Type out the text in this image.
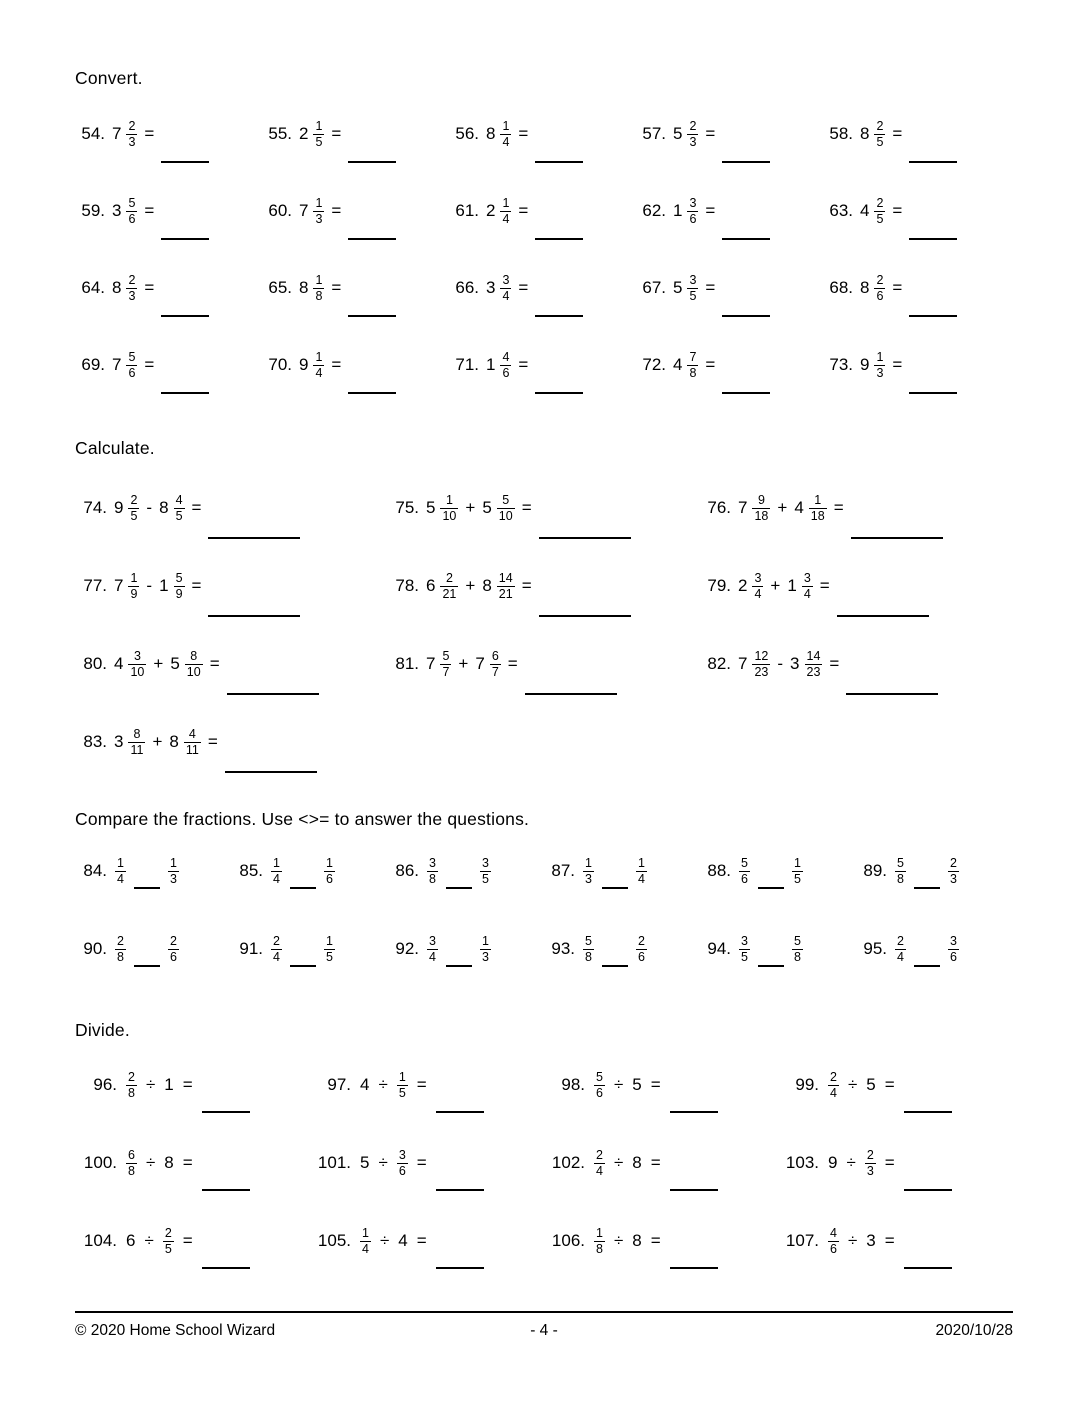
Convert.
54. $7 \frac{2}{3}$ =	55. $2 \frac{1}{5}$ =	56. $8 \frac{1}{4}$ =	57. $5 \frac{2}{3}$ =	58. $8 \frac{2}{5}$ =
59. $3 \frac{5}{6}$ =	60. $7 \frac{1}{3}$ =	61. $2 \frac{1}{4}$ =	62. $1 \frac{3}{6}$ =	63. $4 \frac{2}{5}$ =
64. $8 \frac{2}{3}$ =	65. $8 \frac{1}{8}$ =	66. $3 \frac{3}{4}$ =	67. $5 \frac{3}{5}$ =	68. $8 \frac{2}{6}$ =
69. $7 \frac{5}{6}$ =	70. $9 \frac{1}{4}$ =	71. $1 \frac{4}{6}$ =	72. $4 \frac{7}{8}$ =	73. $9 \frac{1}{3}$ =
Calculate.
74. $9 \frac{2}{5} - 8 \frac{4}{5}$ =	75. $5 \frac{1}{10} + 5 \frac{5}{10}$ =	76. $7 \frac{9}{18} + 4 \frac{1}{18}$ =
77. $7 \frac{1}{9} - 1 \frac{5}{9}$ =	78. $6 \frac{2}{21} + 8 \frac{14}{21}$ =	79. $2 \frac{3}{4} + 1 \frac{3}{4}$ =
80. $4 \frac{3}{10} + 5 \frac{8}{10}$ =	81. $7 \frac{5}{7} + 7 \frac{6}{7}$ =	82. $7 \frac{12}{23} - 3 \frac{14}{23}$ =
83. $3 \frac{8}{11} + 8 \frac{4}{11}$ =
Compare the fractions. Use <>= to answer the questions.
84. $\frac{1}{4}$	$\frac{1}{3}$	85. $\frac{1}{4}$	$\frac{1}{6}$	86. $\frac{3}{8}$	$\frac{3}{5}$	87. $\frac{1}{3}$	$\frac{1}{4}$	88. $\frac{5}{6}$	$\frac{1}{5}$	89. $\frac{5}{8}$	$\frac{2}{3}$
90. $\frac{2}{8}$	$\frac{2}{6}$	91. $\frac{2}{4}$	$\frac{1}{5}$	92. $\frac{3}{4}$	$\frac{1}{3}$	93. $\frac{5}{8}$	$\frac{2}{6}$	94. $\frac{3}{5}$	$\frac{5}{8}$	95. $\frac{2}{4}$	$\frac{3}{6}$
Divide.
96. $\frac{2}{8} \div 1$ =	97. $4 \div \frac{1}{5}$ =	98. $\frac{5}{6} \div 5$ =	99. $\frac{2}{4} \div 5$ =
100. $\frac{6}{8} \div 8$ =	101. $5 \div \frac{3}{6}$ =	102. $\frac{2}{4} \div 8$ =	103. $9 \div \frac{2}{3}$ =
104. $6 \div \frac{2}{5}$ =	105. $\frac{1}{4} \div 4$ =	106. $\frac{1}{8} \div 8$ =	107. $\frac{4}{6} \div 3$ =
© 2020 Home School Wizard	- 4 -	2020/10/28
